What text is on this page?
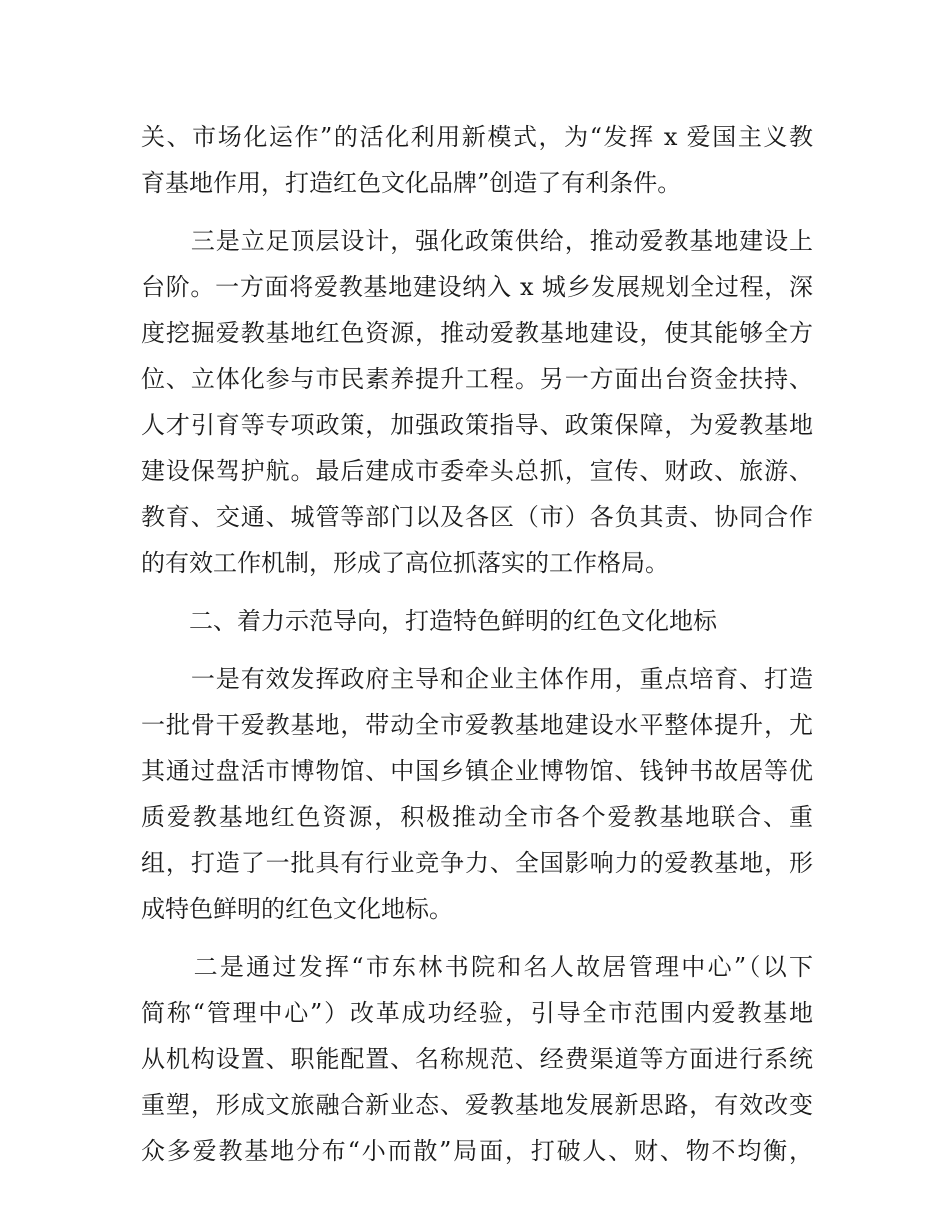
关、市场化运作”的活化利用新模式，为“发挥 x 爱国主义教
育基地作用，打造红色文化品牌”创造了有利条件。
　　三是立足顶层设计，强化政策供给，推动爱教基地建设上
台阶。一方面将爱教基地建设纳入 x 城乡发展规划全过程，深
度挖掘爱教基地红色资源，推动爱教基地建设，使其能够全方
位、立体化参与市民素养提升工程。另一方面出台资金扶持、
人才引育等专项政策，加强政策指导、政策保障，为爱教基地
建设保驾护航。最后建成市委牵头总抓，宣传、财政、旅游、
教育、交通、城管等部门以及各区（市）各负其责、协同合作
的有效工作机制，形成了高位抓落实的工作格局。
　　二、着力示范导向，打造特色鲜明的红色文化地标
　　一是有效发挥政府主导和企业主体作用，重点培育、打造
一批骨干爱教基地，带动全市爱教基地建设水平整体提升，尤
其通过盘活市博物馆、中国乡镇企业博物馆、钱钟书故居等优
质爱教基地红色资源，积极推动全市各个爱教基地联合、重
组，打造了一批具有行业竞争力、全国影响力的爱教基地，形
成特色鲜明的红色文化地标。
　　二是通过发挥“市东林书院和名人故居管理中心”（以下
简称“管理中心”）改革成功经验，引导全市范围内爱教基地
从机构设置、职能配置、名称规范、经费渠道等方面进行系统
重塑，形成文旅融合新业态、爱教基地发展新思路，有效改变
众多爱教基地分布“小而散”局面，打破人、财、物不均衡，
